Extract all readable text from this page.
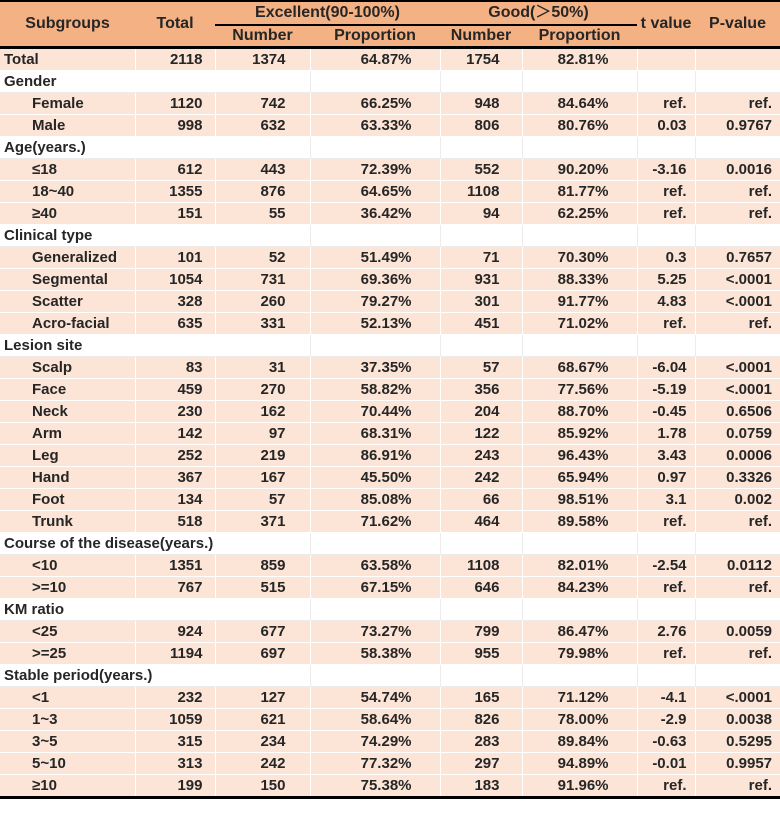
Subgroups	Total	Excellent(90-100%)		Good(＞50%)		t value	P-value
		Number	Proportion	Number	Proportion		
Total	2118	1374	64.87%	1754	82.81%		
Gender							
Female	1120	742	66.25%	948	84.64%	ref.	ref.
Male	998	632	63.33%	806	80.76%	0.03	0.9767
Age(years.)							
≤18	612	443	72.39%	552	90.20%	-3.16	0.0016
18~40	1355	876	64.65%	1108	81.77%	ref.	ref.
≥40	151	55	36.42%	94	62.25%	ref.	ref.
Clinical type							
Generalized	101	52	51.49%	71	70.30%	0.3	0.7657
Segmental	1054	731	69.36%	931	88.33%	5.25	<.0001
Scatter	328	260	79.27%	301	91.77%	4.83	<.0001
Acro-facial	635	331	52.13%	451	71.02%	ref.	ref.
Lesion site							
Scalp	83	31	37.35%	57	68.67%	-6.04	<.0001
Face	459	270	58.82%	356	77.56%	-5.19	<.0001
Neck	230	162	70.44%	204	88.70%	-0.45	0.6506
Arm	142	97	68.31%	122	85.92%	1.78	0.0759
Leg	252	219	86.91%	243	96.43%	3.43	0.0006
Hand	367	167	45.50%	242	65.94%	0.97	0.3326
Foot	134	57	85.08%	66	98.51%	3.1	0.002
Trunk	518	371	71.62%	464	89.58%	ref.	ref.
Course of the disease(years.)							
<10	1351	859	63.58%	1108	82.01%	-2.54	0.0112
>=10	767	515	67.15%	646	84.23%	ref.	ref.
KM ratio							
<25	924	677	73.27%	799	86.47%	2.76	0.0059
>=25	1194	697	58.38%	955	79.98%	ref.	ref.
Stable period(years.)							
<1	232	127	54.74%	165	71.12%	-4.1	<.0001
1~3	1059	621	58.64%	826	78.00%	-2.9	0.0038
3~5	315	234	74.29%	283	89.84%	-0.63	0.5295
5~10	313	242	77.32%	297	94.89%	-0.01	0.9957
≥10	199	150	75.38%	183	91.96%	ref.	ref.
